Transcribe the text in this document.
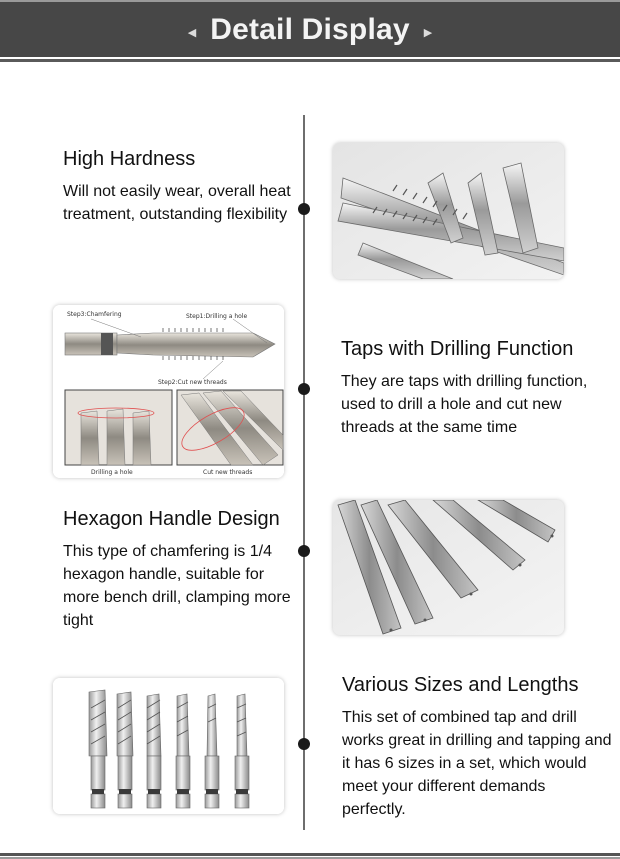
◀ Detail Display ▶
High Hardness

Will not easily wear, overall heat treatment, outstanding flexibility

Step3:Chamfering	Step1:Drilling a hole
Step2:Cut new threads
Drilling a hole	Cut new threads
Taps with Drilling Function

They are taps with drilling function, used to drill a hole and cut new threads at the same time

Hexagon Handle Design

This type of chamfering is 1/4 hexagon handle, suitable for more bench drill, clamping more tight

Various Sizes and Lengths

This set of combined tap and drill works great in drilling and tapping and it has 6 sizes in a set, which would meet your different demands perfectly.
